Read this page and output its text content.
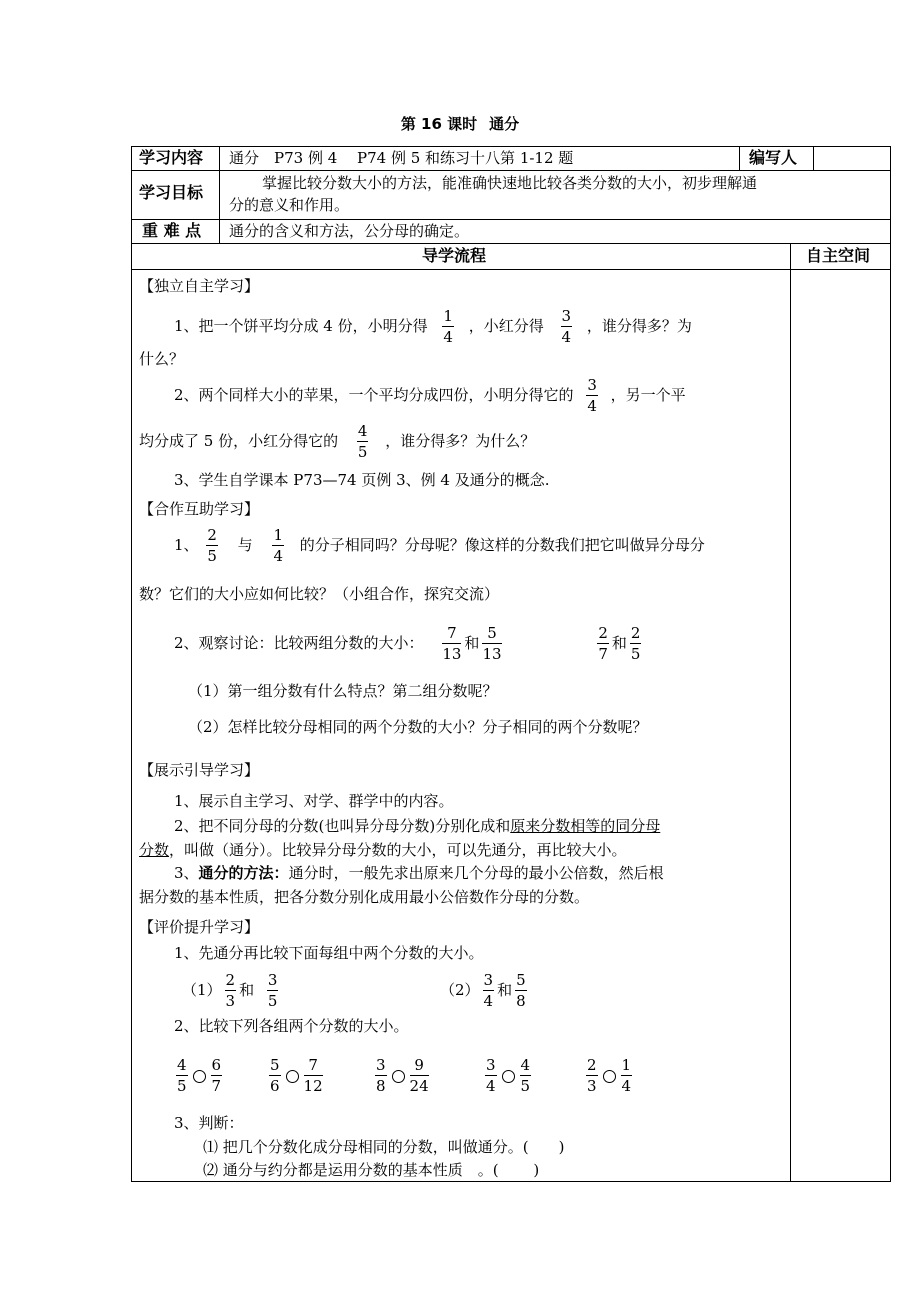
第 16 课时 通分
学习内容 通分　P73 例 4　 P74 例 5 和练习十八第 1-12 题	编写人
学习目标	掌握比较分数大小的方法，能准确快速地比较各类分数的大小，初步理解通
分的意义和作用。
重 难 点 通分的含义和方法，公分母的确定。
导学流程	自主空间
【独立自主学习】
1、把一个饼平均分成 4 份，小明分得 $\frac{1}{4}$ ，小红分得 $\frac{3}{4}$ ，谁分得多？为
什么？
2、两个同样大小的苹果，一个平均分成四份，小明分得它的 $\frac{3}{4}$ ，另一个平
均分成了 5 份，小红分得它的 $\frac{4}{5}$ ，谁分得多？为什么？
3、学生自学课本 P73—74 页例 3、例 4 及通分的概念.
【合作互助学习】
1、 $\frac{2}{5}$ 与 $\frac{1}{4}$ 的分子相同吗？分母呢？像这样的分数我们把它叫做异分母分
数？它们的大小应如何比较？（小组合作，探究交流）
2、观察讨论：比较两组分数的大小： $\frac{7}{13}$ 和 $\frac{5}{13}$
	$\frac{2}{7}$ 和 $\frac{2}{5}$
（1）第一组分数有什么特点？第二组分数呢？
（2）怎样比较分母相同的两个分数的大小？分子相同的两个分数呢？
【展示引导学习】
1、展示自主学习、对学、群学中的内容。
2、把不同分母的分数(也叫异分母分数)分别化成和原来分数相等的同分母
分数，叫做（通分）。比较异分母分数的大小，可以先通分，再比较大小。
3、通分的方法：通分时，一般先求出原来几个分母的最小公倍数，然后根
据分数的基本性质，把各分数分别化成用最小公倍数作分母的分数。
【评价提升学习】
1、先通分再比较下面每组中两个分数的大小。
$(1) \frac{2}{3}$ 和 $\frac{3}{5}$	$(2) \frac{3}{4}$ 和 $\frac{5}{8}$
2、比较下列各组两个分数的大小。
$\frac{4}{5} \frac{6}{7}$	$\frac{5}{6} \frac{7}{12}$	$\frac{3}{8} \frac{9}{24}$	$\frac{3}{4} \frac{4}{5}$	$\frac{2}{3} \frac{1}{4}$
3、判断：
⑴ 把几个分数化成分母相同的分数，叫做通分。(　　)
⑵ 通分与约分都是运用分数的基本性质　。(　　 )
